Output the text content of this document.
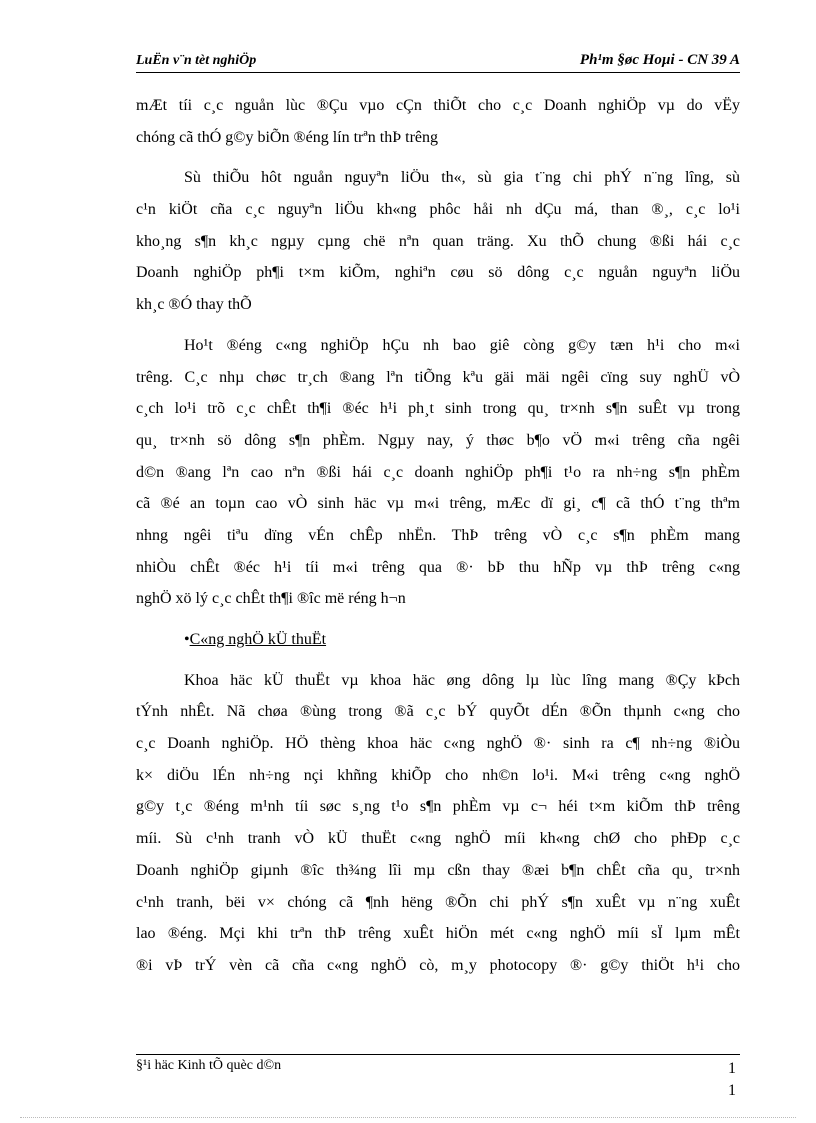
LuËn v¨n tèt nghiÖp	Ph¹m §øc Hoµi - CN 39 A
mÆt tíi c¸c nguån lùc ®Çu vµo cÇn thiÕt cho c¸c Doanh nghiÖp vµ do vËy
chóng cã thÓ g©y biÕn ®éng lín trªn thÞ trêng
Sù thiÕu hôt nguån nguyªn liÖu th«, sù gia t¨ng chi phÝ n¨ng lîng, sù
c¹n kiÖt cña c¸c nguyªn liÖu kh«ng phôc håi nh dÇu má, than ®¸, c¸c lo¹i
kho¸ng s¶n kh¸c ngµy cµng chë nªn quan träng. Xu thÕ chung ®ßi hái c¸c
Doanh nghiÖp ph¶i t×m kiÕm, nghiªn cøu sö dông c¸c nguån nguyªn liÖu
kh¸c ®Ó thay thÕ
Ho¹t ®éng c«ng nghiÖp hÇu nh bao giê còng g©y tæn h¹i cho m«i
trêng. C¸c nhµ chøc tr¸ch ®ang lªn tiÕng kªu gäi mäi ngêi cïng suy nghÜ vÒ
c¸ch lo¹i trõ c¸c chÊt th¶i ®éc h¹i ph¸t sinh trong qu¸ tr×nh s¶n suÊt vµ trong
qu¸ tr×nh sö dông s¶n phÈm. Ngµy nay, ý thøc b¶o vÖ m«i trêng cña ngêi
d©n ®ang lªn cao nªn ®ßi hái c¸c doanh nghiÖp ph¶i t¹o ra nh÷ng s¶n phÈm
cã ®é an toµn cao vÒ sinh häc vµ m«i trêng, mÆc dï gi¸ c¶ cã thÓ t¨ng thªm
nhng ngêi tiªu dïng vÉn chÊp nhËn. ThÞ trêng vÒ c¸c s¶n phÈm mang
nhiÒu chÊt ®éc h¹i tíi m«i trêng qua ®· bÞ thu hÑp vµ thÞ trêng c«ng
nghÖ xö lý c¸c chÊt th¶i ®îc më réng h¬n
•C«ng nghÖ kÜ thuËt
Khoa häc kÜ thuËt vµ khoa häc øng dông lµ lùc lîng mang ®Çy kÞch
tÝnh nhÊt. Nã chøa ®ùng trong ®ã c¸c bÝ quyÕt dÉn ®Õn thµnh c«ng cho
c¸c Doanh nghiÖp. HÖ thèng khoa häc c«ng nghÖ ®· sinh ra c¶ nh÷ng ®iÒu
k× diÖu lÉn nh÷ng nçi khñng khiÕp cho nh©n lo¹i. M«i trêng c«ng nghÖ
g©y t¸c ®éng m¹nh tíi søc s¸ng t¹o s¶n phÈm vµ c¬ héi t×m kiÕm thÞ trêng
míi. Sù c¹nh tranh vÒ kÜ thuËt c«ng nghÖ míi kh«ng chØ cho phÐp c¸c
Doanh nghiÖp giµnh ®îc th¾ng lîi mµ cßn thay ®æi b¶n chÊt cña qu¸ tr×nh
c¹nh tranh, bëi v× chóng cã ¶nh hëng ®Õn chi phÝ s¶n xuÊt vµ n¨ng xuÊt
lao ®éng. Mçi khi trªn thÞ trêng xuÊt hiÖn mét c«ng nghÖ míi sÏ lµm mÊt
®i vÞ trÝ vèn cã cña c«ng nghÖ cò, m¸y photocopy ®· g©y thiÖt h¹i cho
§¹i häc Kinh tÕ quèc d©n	1
1
